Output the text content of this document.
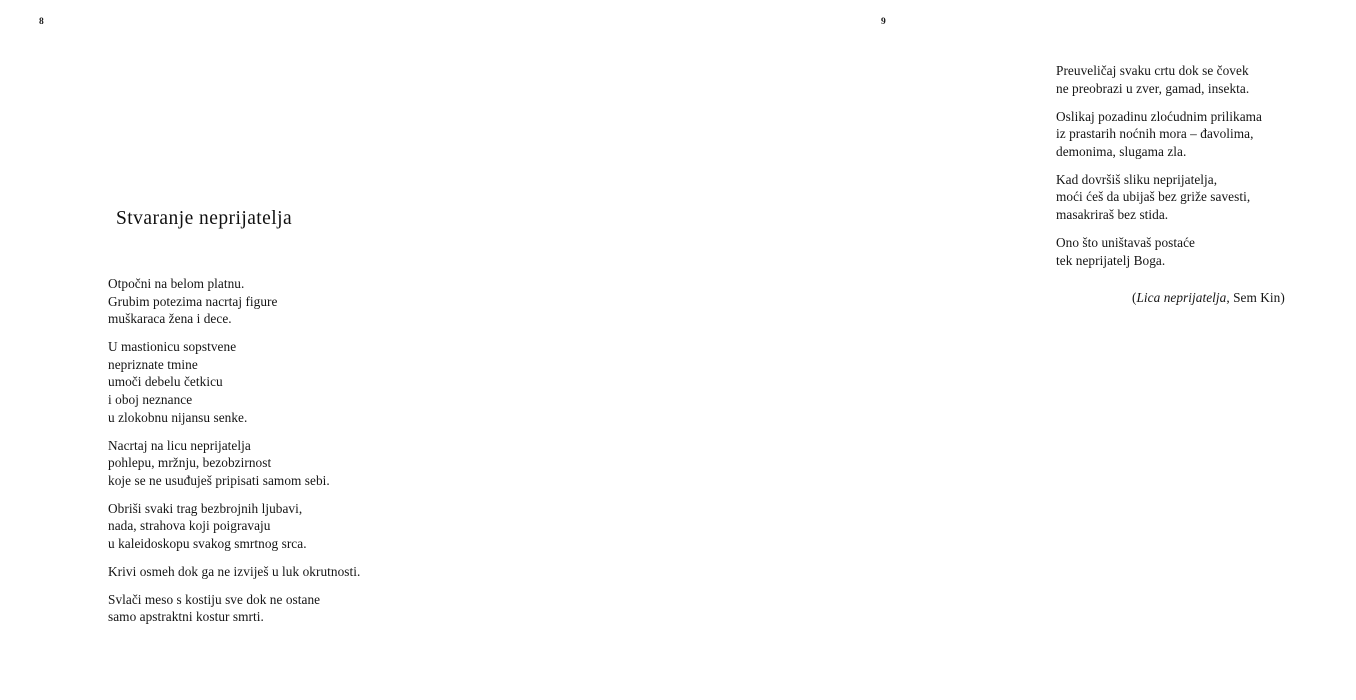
8
Stvaranje neprijatelja

Otpočni na belom platnu.
Grubim potezima nacrtaj figure
muškaraca žena i dece.

U mastionicu sopstvene
nepriznate tmine
umoči debelu četkicu
i oboj neznance
u zlokobnu nijansu senke.

Nacrtaj na licu neprijatelja
pohlepu, mržnju, bezobzirnost
koje se ne usuđuješ pripisati samom sebi.

Obriši svaki trag bezbrojnih ljubavi,
nada, strahova koji poigravaju
u kaleidoskopu svakog smrtnog srca.

Krivi osmeh dok ga ne izviješ u luk okrutnosti.

Svlači meso s kostiju sve dok ne ostane
samo apstraktni kostur smrti.

9

Preuveličaj svaku crtu dok se čovek
ne preobrazi u zver, gamad, insekta.

Oslikaj pozadinu zloćudnim prilikama
iz prastarih noćnih mora – đavolima,
demonima, slugama zla.

Kad dovršiš sliku neprijatelja,
moći ćeš da ubijaš bez griže savesti,
masakriraš bez stida.

Ono što uništavaš postaće
tek neprijatelj Boga.

(Lica neprijatelja, Sem Kin)
